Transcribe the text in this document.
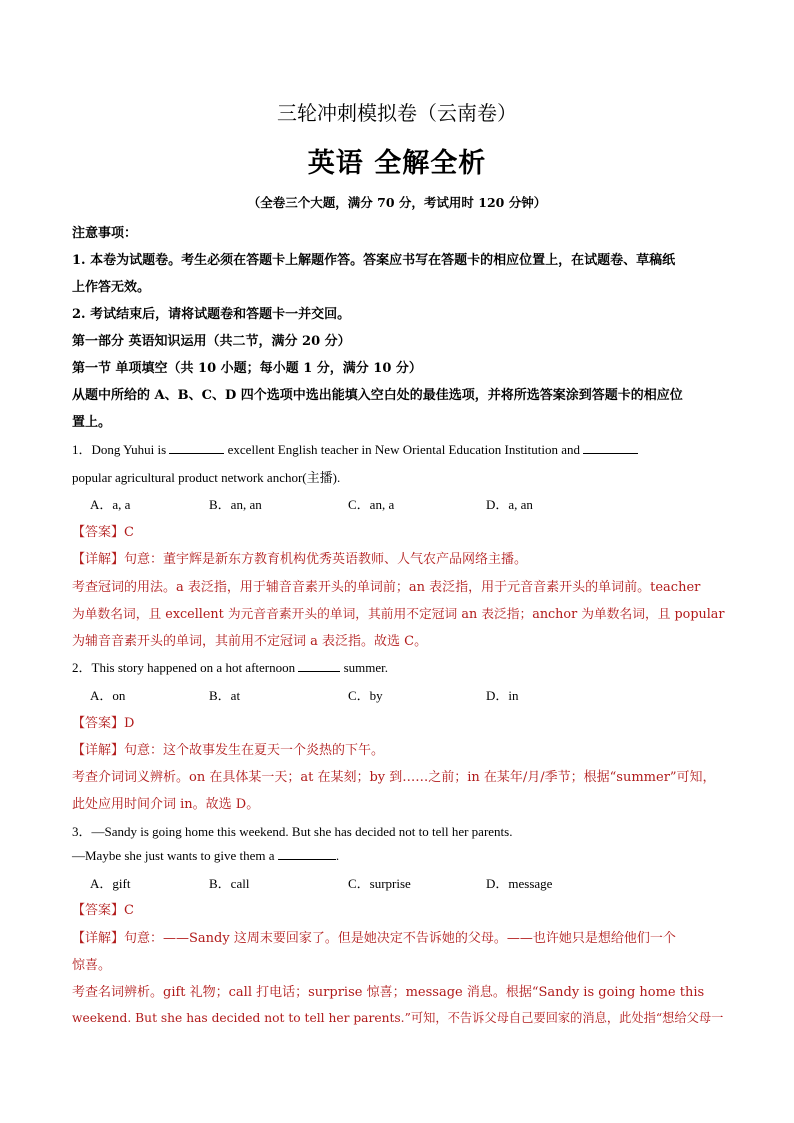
三轮冲刺模拟卷（云南卷）
英语 全解全析
（全卷三个大题，满分 70 分，考试用时 120 分钟）
注意事项：
1. 本卷为试题卷。考生必须在答题卡上解题作答。答案应书写在答题卡的相应位置上，在试题卷、草稿纸
上作答无效。
2. 考试结束后，请将试题卷和答题卡一并交回。
第一部分 英语知识运用（共二节，满分 20 分）
第一节 单项填空（共 10 小题；每小题 1 分，满分 10 分）
从题中所给的 A、B、C、D 四个选项中选出能填入空白处的最佳选项，并将所选答案涂到答题卡的相应位
置上。
1．Dong Yuhui is	excellent English teacher in New Oriental Education Institution and
popular agricultural product network anchor(主播).
A．a, a	B．an, an	C．an, a	D．a, an
【答案】C
【详解】句意：董宇辉是新东方教育机构优秀英语教师、人气农产品网络主播。
考查冠词的用法。a 表泛指，用于辅音音素开头的单词前；an 表泛指，用于元音音素开头的单词前。teacher
为单数名词，且 excellent 为元音音素开头的单词，其前用不定冠词 an 表泛指；anchor 为单数名词，且 popular
为辅音音素开头的单词，其前用不定冠词 a 表泛指。故选 C。
2．This story happened on a hot afternoon	summer.
A．on	B．at	C．by	D．in
【答案】D
【详解】句意：这个故事发生在夏天一个炎热的下午。
考查介词词义辨析。on 在具体某一天；at 在某刻；by 到……之前；in 在某年/月/季节；根据“summer”可知，
此处应用时间介词 in。故选 D。
3．—Sandy is going home this weekend. But she has decided not to tell her parents.
—Maybe she just wants to give them a	.
A．gift	B．call	C．surprise	D．message
【答案】C
【详解】句意：——Sandy 这周末要回家了。但是她决定不告诉她的父母。——也许她只是想给他们一个
惊喜。
考查名词辨析。gift 礼物；call 打电话；surprise 惊喜；message 消息。根据“Sandy is going home this
weekend. But she has decided not to tell her parents.”可知，不告诉父母自己要回家的消息，此处指“想给父母一
